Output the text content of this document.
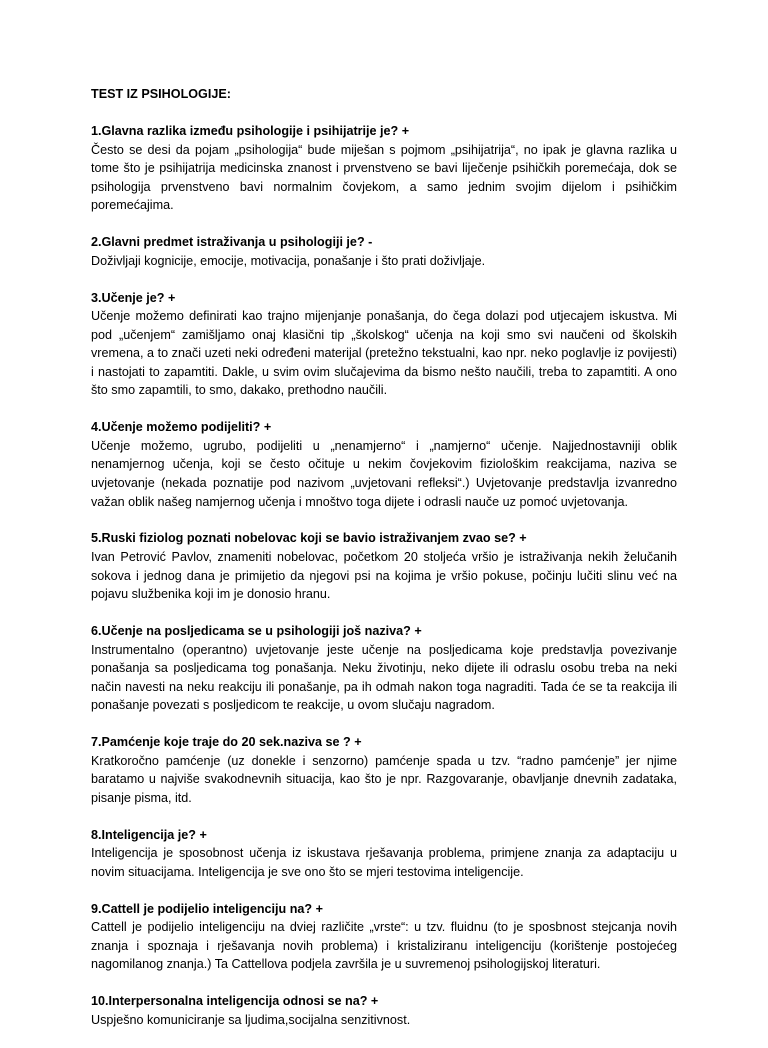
TEST IZ PSIHOLOGIJE:

1.Glavna razlika između psihologije i psihijatrije je? +

Često se desi da pojam „psihologija“ bude miješan s pojmom „psihijatrija“, no ipak je glavna razlika u tome što je psihijatrija medicinska znanost i prvenstveno se bavi liječenje psihičkih poremećaja, dok se psihologija prvenstveno bavi normalnim čovjekom, a samo jednim svojim dijelom i psihičkim poremećajima.

2.Glavni predmet istraživanja u psihologiji je? -

Doživljaji kognicije, emocije, motivacija, ponašanje i što prati doživljaje.

3.Učenje je? +

Učenje možemo definirati kao trajno mijenjanje ponašanja, do čega dolazi pod utjecajem iskustva. Mi pod „učenjem“ zamišljamo onaj klasični tip „školskog“ učenja na koji smo svi naučeni od školskih vremena, a to znači uzeti neki određeni materijal (pretežno tekstualni, kao npr. neko poglavlje iz povijesti) i nastojati to zapamtiti. Dakle, u svim ovim slučajevima da bismo nešto naučili, treba to zapamtiti. A ono što smo zapamtili, to smo, dakako, prethodno naučili.

4.Učenje možemo podijeliti? +

Učenje možemo, ugrubo, podijeliti u „nenamjerno“ i „namjerno“ učenje. Najjednostavniji oblik nenamjernog učenja, koji se često očituje u nekim čovjekovim fiziološkim reakcijama, naziva se uvjetovanje (nekada poznatije pod nazivom „uvjetovani refleksi“.) Uvjetovanje predstavlja izvanredno važan oblik našeg namjernog učenja i mnoštvo toga dijete i odrasli nauče uz pomoć uvjetovanja.

5.Ruski fiziolog poznati nobelovac koji se bavio istraživanjem zvao se? +

Ivan Petrović Pavlov, znameniti nobelovac, početkom 20 stoljeća vršio je istraživanja nekih želučanih sokova i jednog dana je primijetio da njegovi psi na kojima je vršio pokuse, počinju lučiti slinu već na pojavu službenika koji im je donosio hranu.

6.Učenje na posljedicama se u psihologiji još naziva? +

Instrumentalno (operantno) uvjetovanje jeste učenje na posljedicama koje predstavlja povezivanje ponašanja sa posljedicama tog ponašanja. Neku životinju, neko dijete ili odraslu osobu treba na neki način navesti na neku reakciju ili ponašanje, pa ih odmah nakon toga nagraditi. Tada će se ta reakcija ili ponašanje povezati s posljedicom te reakcije, u ovom slučaju nagradom.

7.Pamćenje koje traje do 20 sek.naziva se ? +

Kratkoročno pamćenje (uz donekle i senzorno) pamćenje spada u tzv. “radno pamćenje” jer njime baratamo u najviše svakodnevnih situacija, kao što je npr. Razgovaranje, obavljanje dnevnih zadataka, pisanje pisma, itd.

8.Inteligencija je? +

Inteligencija je sposobnost učenja iz iskustava rješavanja problema, primjene znanja za adaptaciju u novim situacijama. Inteligencija je sve ono što se mjeri testovima inteligencije.

9.Cattell je podijelio inteligenciju na? +

Cattell je podijelio inteligenciju na dviej različite „vrste“: u tzv. fluidnu (to je sposbnost stejcanja novih znanja i spoznaja i rješavanja novih problema) i kristaliziranu inteligenciju (korištenje postojećeg nagomilanog znanja.) Ta Cattellova podjela završila je u suvremenoj psihologijskoj literaturi.

10.Interpersonalna inteligencija odnosi se na? +

Uspješno komuniciranje sa ljudima,socijalna senzitivnost.
